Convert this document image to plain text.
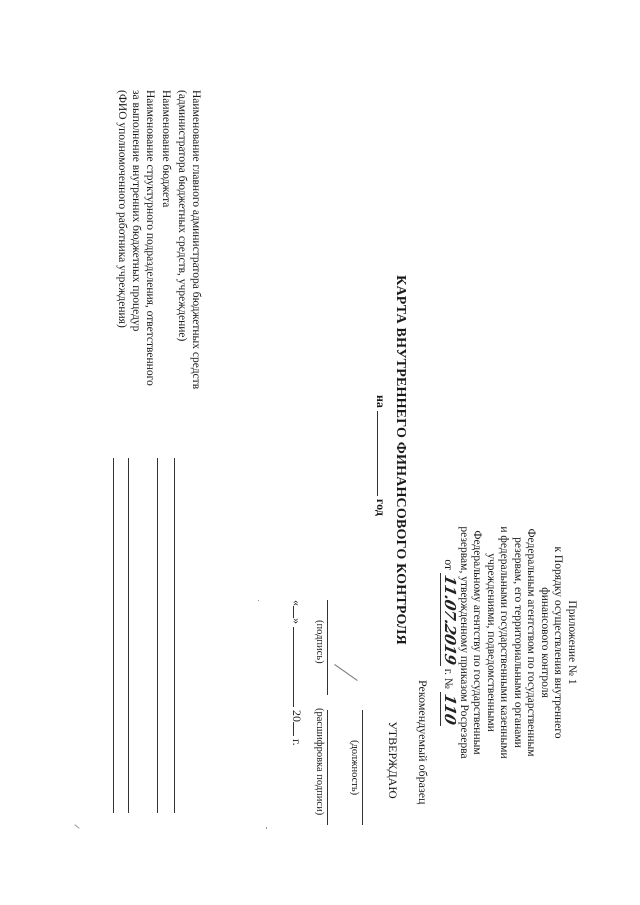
Приложение № 1
к Порядку осуществления внутреннего
финансового контроля
Федеральным агентством по государственным
резервам, его территориальными органами
и федеральными государственными казенными
учреждениями, подведомственными
Федеральному агентству по государственным
резервам, утвержденному приказом Росрезерва
от 11.07.2019 г. № 110
Рекомендуемый образец
УТВЕРЖДАЮ
(должность)
(подпись)
(расшифровка подписи)
«»  20 г.
КАРТА ВНУТРЕННЕГО ФИНАНСОВОГО КОНТРОЛЯ
на  год
Наименование главного администратора бюджетных средств
(администратора бюджетных средств, учреждение)
Наименование бюджета
Наименование структурного подразделения, ответственного
за выполнение внутренних бюджетных процедур
(ФИО уполномоченного работника учреждения)
